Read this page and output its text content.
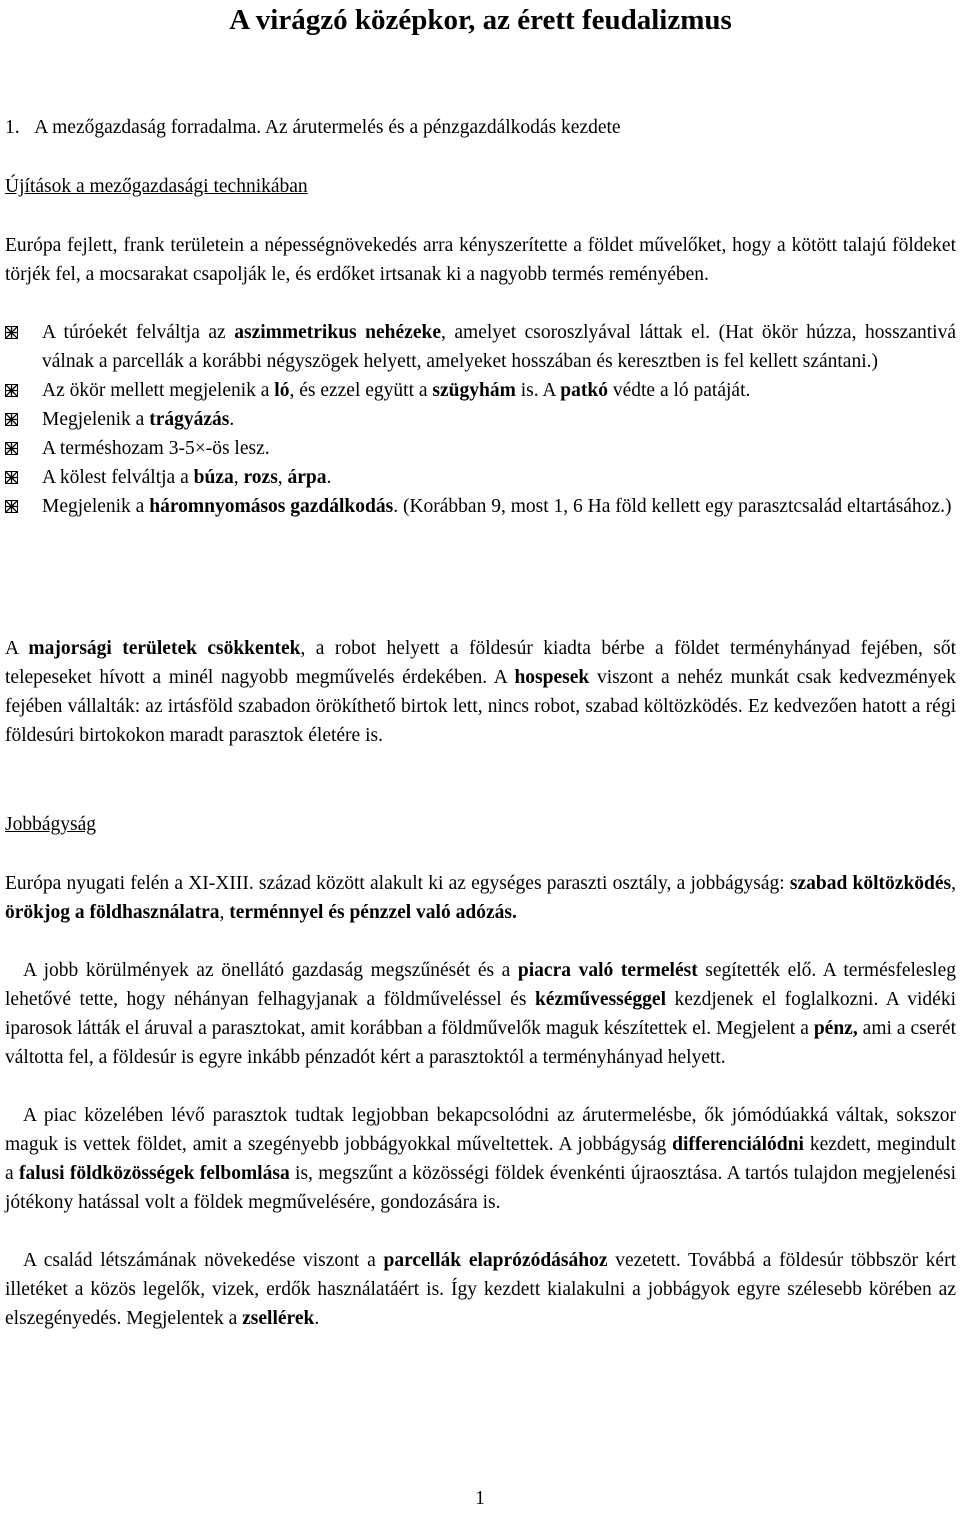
A virágzó középkor, az érett feudalizmus
1.   A mezőgazdaság forradalma. Az árutermelés és a pénzgazdálkodás kezdete
Újítások a mezőgazdasági technikában
Európa fejlett, frank területein a népességnövekedés arra kényszerítette a földet művelőket, hogy a kötött talajú földeket törjék fel, a mocsarakat csapolják le, és erdőket irtsanak ki a nagyobb termés reményében.
A túróekét felváltja az aszimmetrikus nehézeke, amelyet csoroszlyával láttak el. (Hat ökör húzza, hosszantivá válnak a parcellák a korábbi négyszögek helyett, amelyeket hosszában és keresztben is fel kellett szántani.)
Az ökör mellett megjelenik a ló, és ezzel együtt a szügyhám is. A patkó védte a ló patáját.
Megjelenik a trágyázás.
A terméshozam 3-5×-ös lesz.
A kölest felváltja a búza, rozs, árpa.
Megjelenik a háromnyomásos gazdálkodás. (Korábban 9, most 1, 6 Ha föld kellett egy parasztcsalád eltartásához.)
A majorsági területek csökkentek, a robot helyett a földesúr kiadta bérbe a földet terményhányad fejében, sőt telepeseket hívott a minél nagyobb megművelés érdekében. A hospesek viszont a nehéz munkát csak kedvezmények fejében vállalták: az irtásföld szabadon örökíthető birtok lett, nincs robot, szabad költözködés. Ez kedvezően hatott a régi földesúri birtokokon maradt parasztok életére is.
Jobbágyság
Európa nyugati felén a XI-XIII. század között alakult ki az egységes paraszti osztály, a jobbágyság: szabad költözködés, örökjog a földhasználatra, terménnyel és pénzzel való adózás.
A jobb körülmények az önellátó gazdaság megszűnését és a piacra való termelést segítették elő. A termésfelesleg lehetővé tette, hogy néhányan felhagyjanak a földműveléssel és kézművességgel kezdjenek el foglalkozni. A vidéki iparosok látták el áruval a parasztokat, amit korábban a földművelők maguk készítettek el. Megjelent a pénz, ami a cserét váltotta fel, a földesúr is egyre inkább pénzadót kért a parasztoktól a terményhányad helyett.
A piac közelében lévő parasztok tudtak legjobban bekapcsolódni az árutermelésbe, ők jómódúakká váltak, sokszor maguk is vettek földet, amit a szegényebb jobbágyokkal műveltettek. A jobbágyság differenciálódni kezdett, megindult a falusi földközösségek felbomlása is, megszűnt a közösségi földek évenkénti újraosztása. A tartós tulajdon megjelenési jótékony hatással volt a földek megművelésére, gondozására is.
A család létszámának növekedése viszont a parcellák elaprózódásához vezetett. Továbbá a földesúr többször kért illetéket a közös legelők, vizek, erdők használatáért is. Így kezdett kialakulni a jobbágyok egyre szélesebb körében az elszegényedés. Megjelentek a zsellérek.
1
